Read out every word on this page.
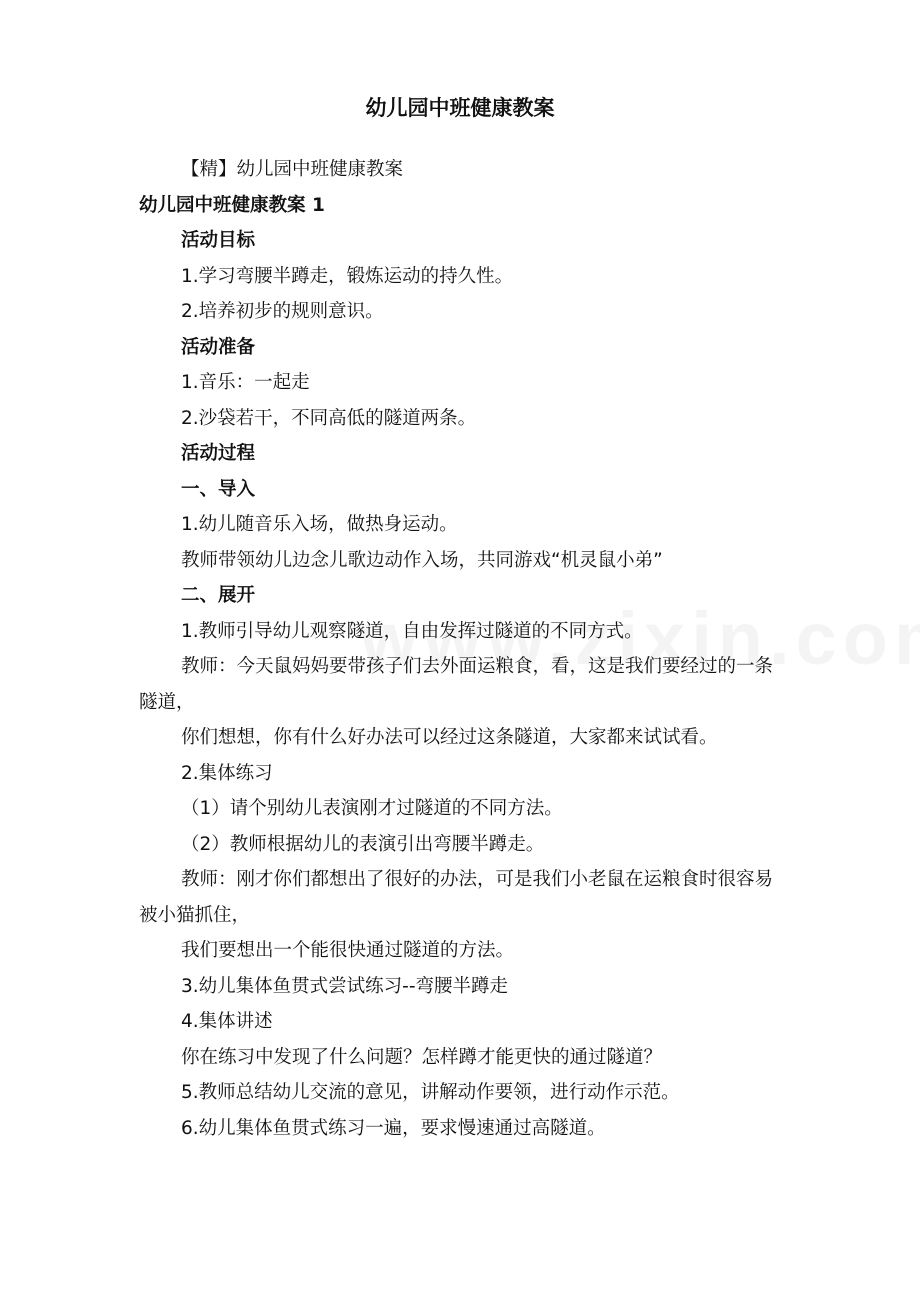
幼儿园中班健康教案

【精】幼儿园中班健康教案

幼儿园中班健康教案 1

活动目标

1.学习弯腰半蹲走，锻炼运动的持久性。

2.培养初步的规则意识。

活动准备

1.音乐：一起走

2.沙袋若干，不同高低的隧道两条。

活动过程

一、导入

1.幼儿随音乐入场，做热身运动。

教师带领幼儿边念儿歌边动作入场，共同游戏“机灵鼠小弟”

二、展开

1.教师引导幼儿观察隧道，自由发挥过隧道的不同方式。

教师：今天鼠妈妈要带孩子们去外面运粮食，看，这是我们要经过的一条隧道，

你们想想，你有什么好办法可以经过这条隧道，大家都来试试看。

2.集体练习

（1）请个别幼儿表演刚才过隧道的不同方法。

（2）教师根据幼儿的表演引出弯腰半蹲走。

教师：刚才你们都想出了很好的办法，可是我们小老鼠在运粮食时很容易被小猫抓住，

我们要想出一个能很快通过隧道的方法。

3.幼儿集体鱼贯式尝试练习--弯腰半蹲走

4.集体讲述

你在练习中发现了什么问题？怎样蹲才能更快的通过隧道？

5.教师总结幼儿交流的意见，讲解动作要领，进行动作示范。

6.幼儿集体鱼贯式练习一遍，要求慢速通过高隧道。
